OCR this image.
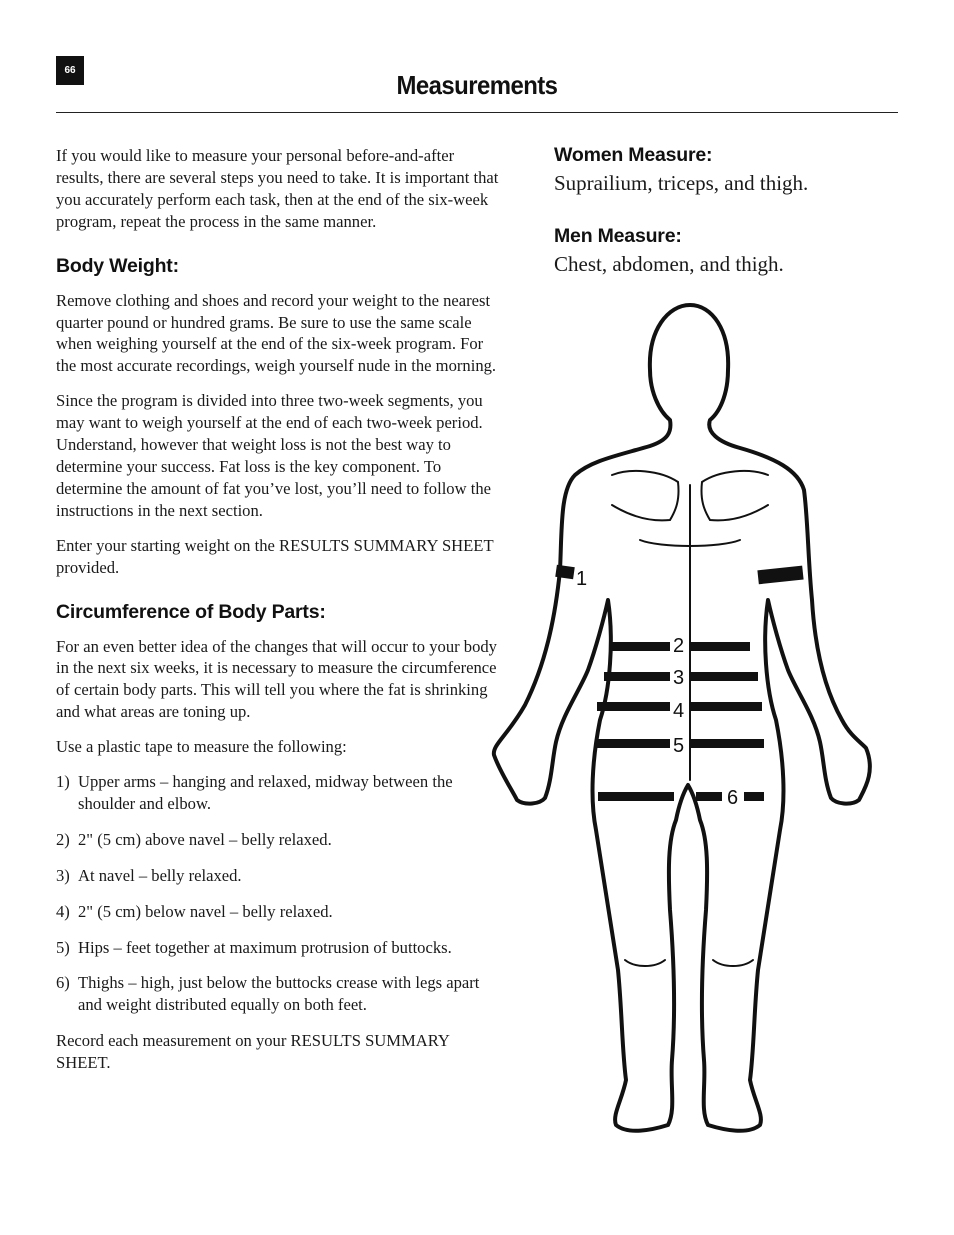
66	Measurements

If you would like to measure your personal before-and-after results, there are several steps you need to take. It is important that you accurately perform each task, then at the end of the six-week program, repeat the process in the same manner.

Body Weight:

Remove clothing and shoes and record your weight to the nearest quarter pound or hundred grams. Be sure to use the same scale when weighing yourself at the end of the six-week program. For the most accurate recordings, weigh yourself nude in the morning.

Since the program is divided into three two-week segments, you may want to weigh yourself at the end of each two-week period. Understand, however that weight loss is not the best way to determine your success. Fat loss is the key component. To determine the amount of fat you’ve lost, you’ll need to follow the instructions in the next section.

Enter your starting weight on the RESULTS SUMMARY SHEET provided.

Circumference of Body Parts:

For an even better idea of the changes that will occur to your body in the next six weeks, it is necessary to measure the circumference of certain body parts. This will tell you where the fat is shrinking and what areas are toning up.

Use a plastic tape to measure the following:

1) Upper arms – hanging and relaxed, midway between the shoulder and elbow.
2) 2" (5 cm) above navel – belly relaxed.
3) At navel – belly relaxed.
4) 2" (5 cm) below navel – belly relaxed.
5) Hips – feet together at maximum protrusion of buttocks.
6) Thighs – high, just below the buttocks crease with legs apart and weight distributed equally on both feet.

Record each measurement on your RESULTS SUMMARY SHEET.

Women Measure:

Suprailium, triceps, and thigh.

Men Measure:

Chest, abdomen, and thigh.

1
2
3
4
5
6
